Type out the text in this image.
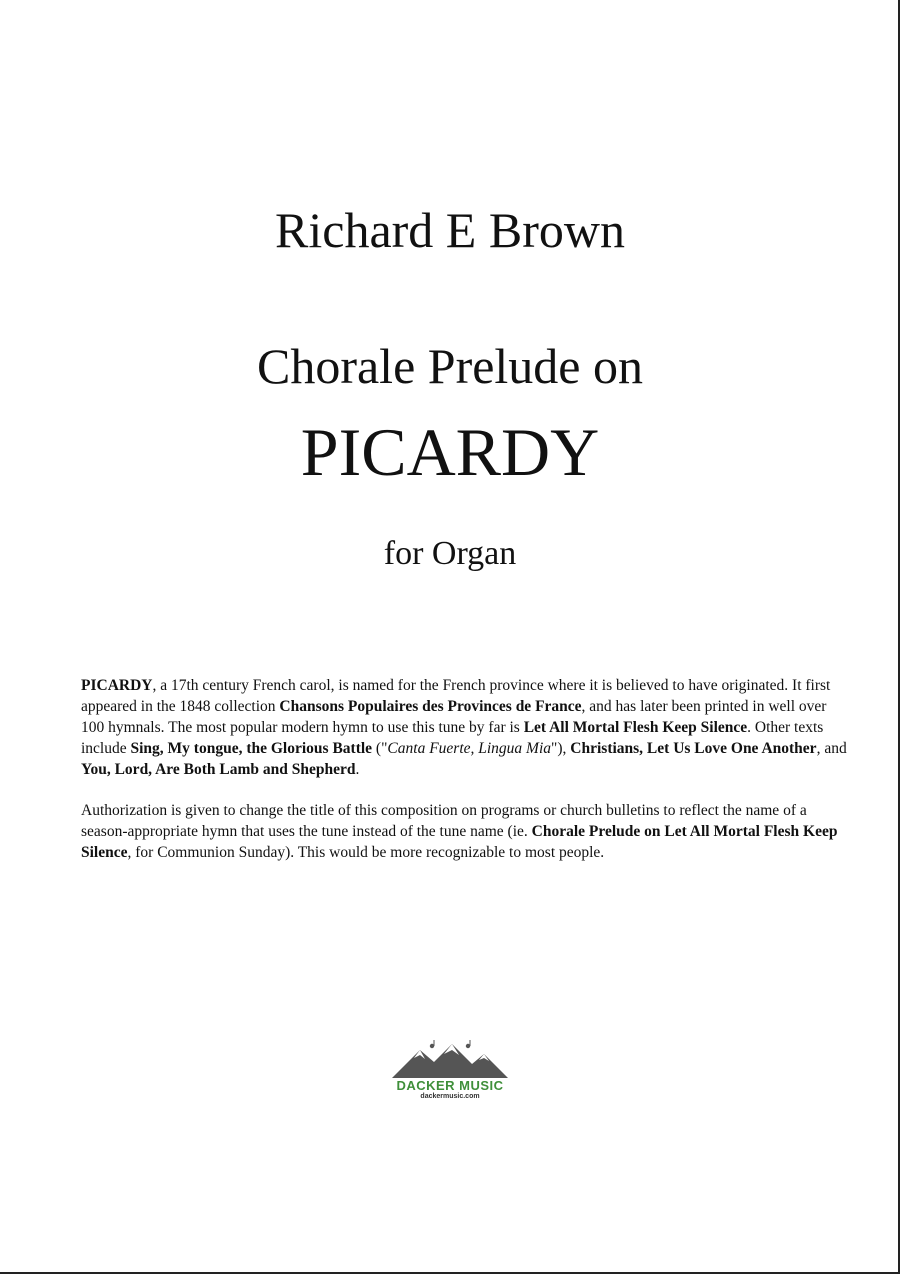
Richard E Brown
Chorale Prelude on
PICARDY
for Organ

PICARDY, a 17th century French carol, is named for the French province where it is believed to have originated. It first appeared in the 1848 collection Chansons Populaires des Provinces de France, and has later been printed in well over 100 hymnals. The most popular modern hymn to use this tune by far is Let All Mortal Flesh Keep Silence. Other texts include Sing, My tongue, the Glorious Battle ("Canta Fuerte, Lingua Mia"), Christians, Let Us Love One Another, and You, Lord, Are Both Lamb and Shepherd.

Authorization is given to change the title of this composition on programs or church bulletins to reflect the name of a season-appropriate hymn that uses the tune instead of the tune name (ie. Chorale Prelude on Let All Mortal Flesh Keep Silence, for Communion Sunday). This would be more recognizable to most people.

DACKER MUSIC
dackermusic.com
